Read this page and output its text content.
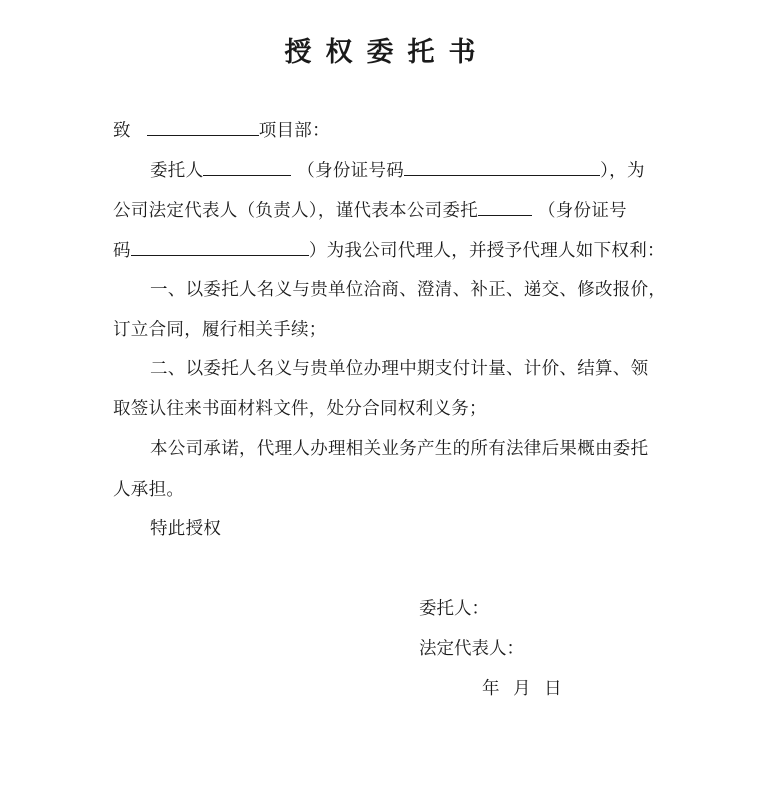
授权委托书
致	项目部：
委托人	（身份证号码	），为
公司法定代表人（负责人），谨代表本公司委托	（身份证号
码	）为我公司代理人，并授予代理人如下权利：
一、以委托人名义与贵单位洽商、澄清、补正、递交、修改报价，
订立合同，履行相关手续；
二、以委托人名义与贵单位办理中期支付计量、计价、结算、领
取签认往来书面材料文件，处分合同权利义务；
本公司承诺，代理人办理相关业务产生的所有法律后果概由委托
人承担。
特此授权
委托人：
法定代表人：
年 月 日
